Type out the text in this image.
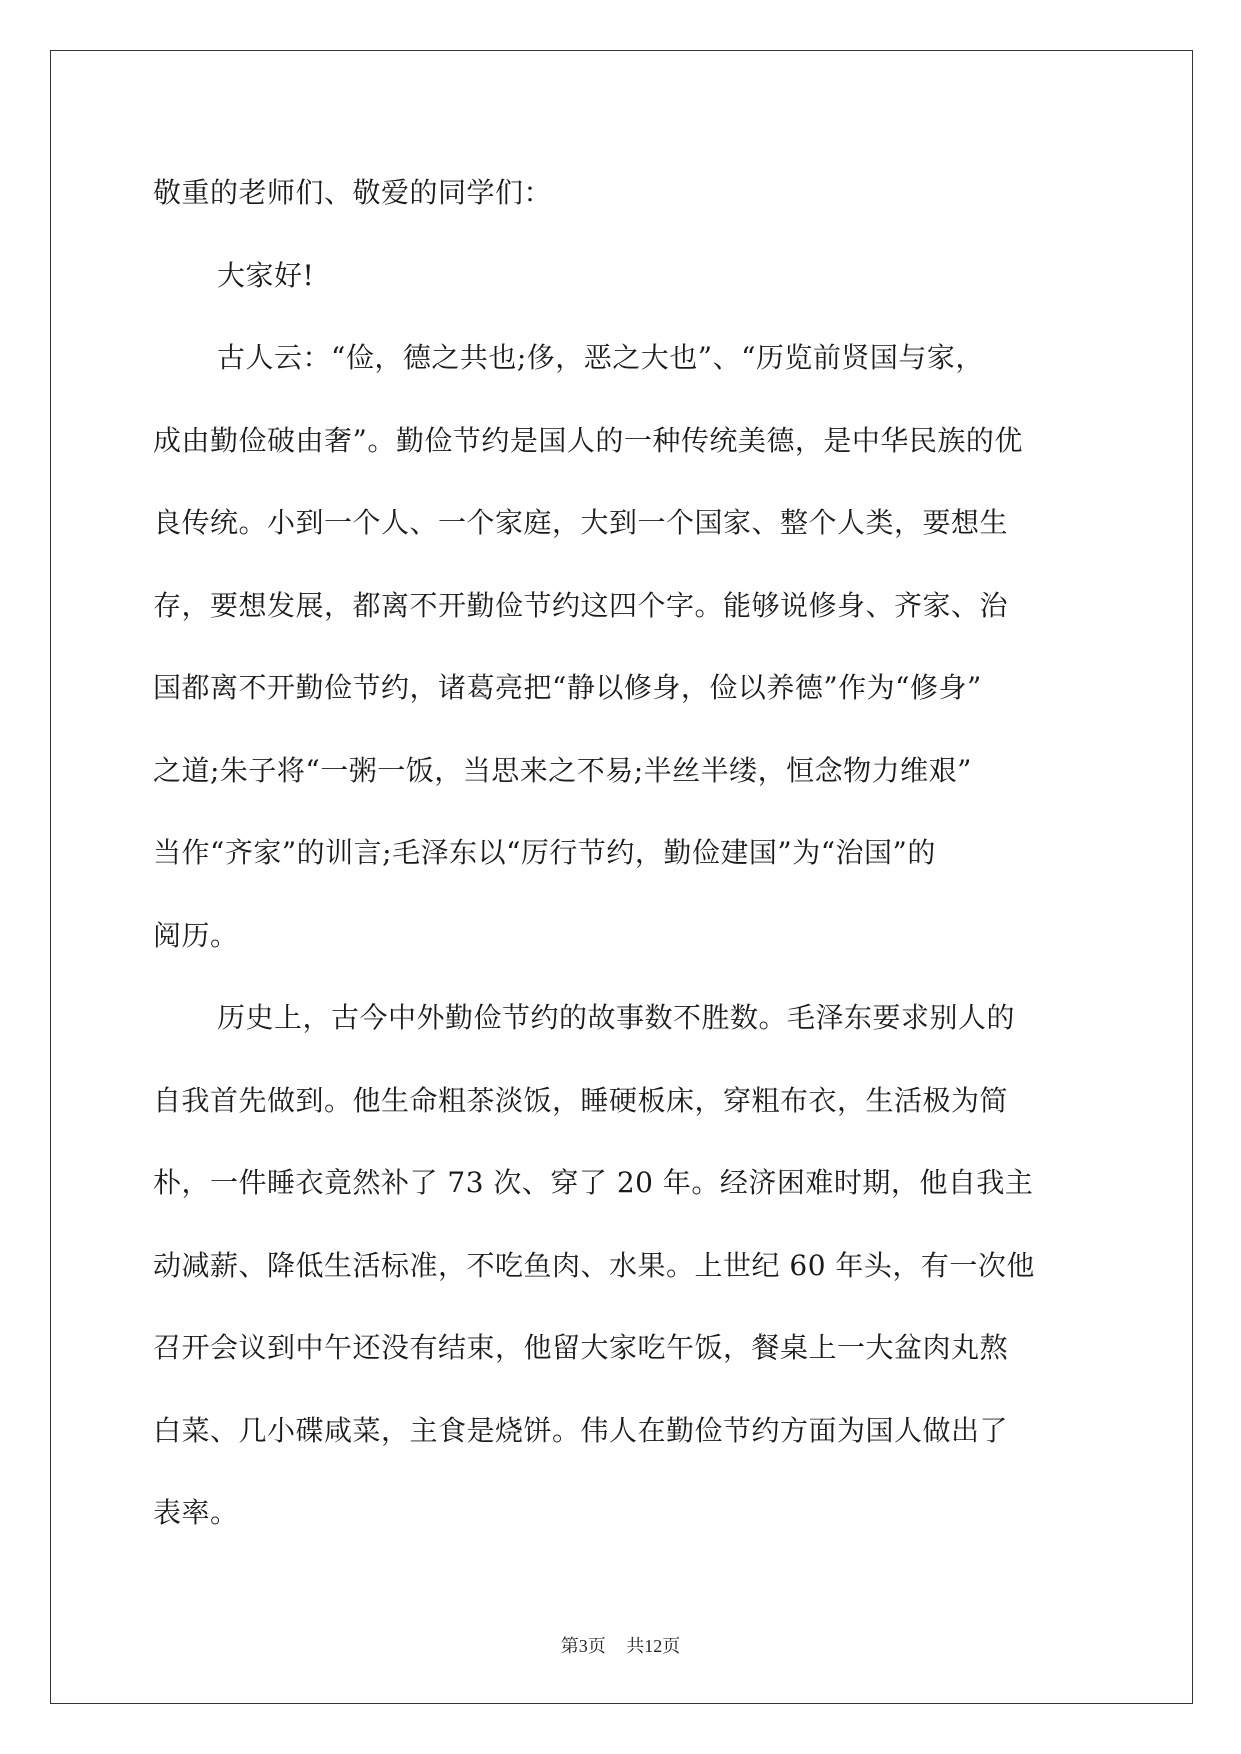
敬重的老师们、敬爱的同学们：
大家好!
古人云：“俭，德之共也;侈，恶之大也”、“历览前贤国与家，
成由勤俭破由奢”。勤俭节约是国人的一种传统美德，是中华民族的优
良传统。小到一个人、一个家庭，大到一个国家、整个人类，要想生
存，要想发展，都离不开勤俭节约这四个字。能够说修身、齐家、治
国都离不开勤俭节约，诸葛亮把“静以修身，俭以养德”作为“修身”
之道;朱子将“一粥一饭，当思来之不易;半丝半缕，恒念物力维艰”
当作“齐家”的训言;毛泽东以“厉行节约，勤俭建国”为“治国”的
阅历。
历史上，古今中外勤俭节约的故事数不胜数。毛泽东要求别人的
自我首先做到。他生命粗茶淡饭，睡硬板床，穿粗布衣，生活极为简
朴，一件睡衣竟然补了 73 次、穿了 20 年。经济困难时期，他自我主
动减薪、降低生活标准，不吃鱼肉、水果。上世纪 60 年头，有一次他
召开会议到中午还没有结束，他留大家吃午饭，餐桌上一大盆肉丸熬
白菜、几小碟咸菜，主食是烧饼。伟人在勤俭节约方面为国人做出了
表率。
第3页 共12页
